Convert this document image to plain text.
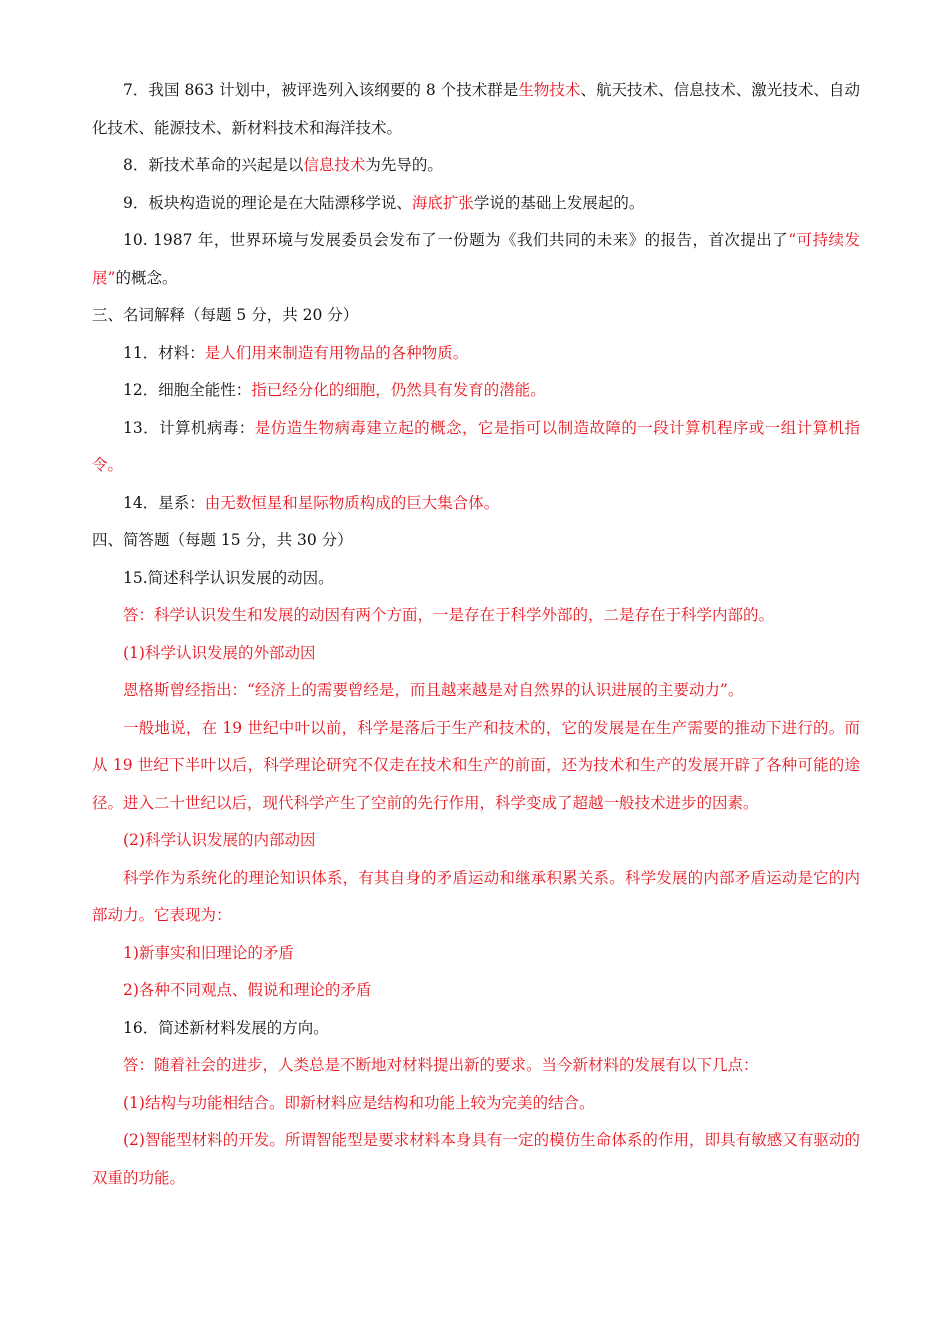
7．我国 863 计划中，被评选列入该纲要的 8 个技术群是生物技术、航天技术、信息技术、激光技术、自动化技术、能源技术、新材料技术和海洋技术。
8．新技术革命的兴起是以信息技术为先导的。
9．板块构造说的理论是在大陆漂移学说、海底扩张学说的基础上发展起的。
10. 1987 年，世界环境与发展委员会发布了一份题为《我们共同的未来》的报告，首次提出了“可持续发展”的概念。
三、名词解释（每题 5 分，共 20 分）
11．材料：是人们用来制造有用物品的各种物质。
12．细胞全能性：指已经分化的细胞，仍然具有发育的潜能。
13．计算机病毒：是仿造生物病毒建立起的概念，它是指可以制造故障的一段计算机程序或一组计算机指令。
14．星系：由无数恒星和星际物质构成的巨大集合体。
四、简答题（每题 15 分，共 30 分）
15.简述科学认识发展的动因。
答：科学认识发生和发展的动因有两个方面，一是存在于科学外部的，二是存在于科学内部的。
(1)科学认识发展的外部动因
恩格斯曾经指出：“经济上的需要曾经是，而且越来越是对自然界的认识进展的主要动力”。
一般地说，在 19 世纪中叶以前，科学是落后于生产和技术的，它的发展是在生产需要的推动下进行的。而从 19 世纪下半叶以后，科学理论研究不仅走在技术和生产的前面，还为技术和生产的发展开辟了各种可能的途径。进入二十世纪以后，现代科学产生了空前的先行作用，科学变成了超越一般技术进步的因素。
(2)科学认识发展的内部动因
科学作为系统化的理论知识体系，有其自身的矛盾运动和继承积累关系。科学发展的内部矛盾运动是它的内部动力。它表现为：
1)新事实和旧理论的矛盾
2)各种不同观点、假说和理论的矛盾
16．简述新材料发展的方向。
答：随着社会的进步，人类总是不断地对材料提出新的要求。当今新材料的发展有以下几点：
(1)结构与功能相结合。即新材料应是结构和功能上较为完美的结合。
(2)智能型材料的开发。所谓智能型是要求材料本身具有一定的模仿生命体系的作用，即具有敏感又有驱动的双重的功能。
